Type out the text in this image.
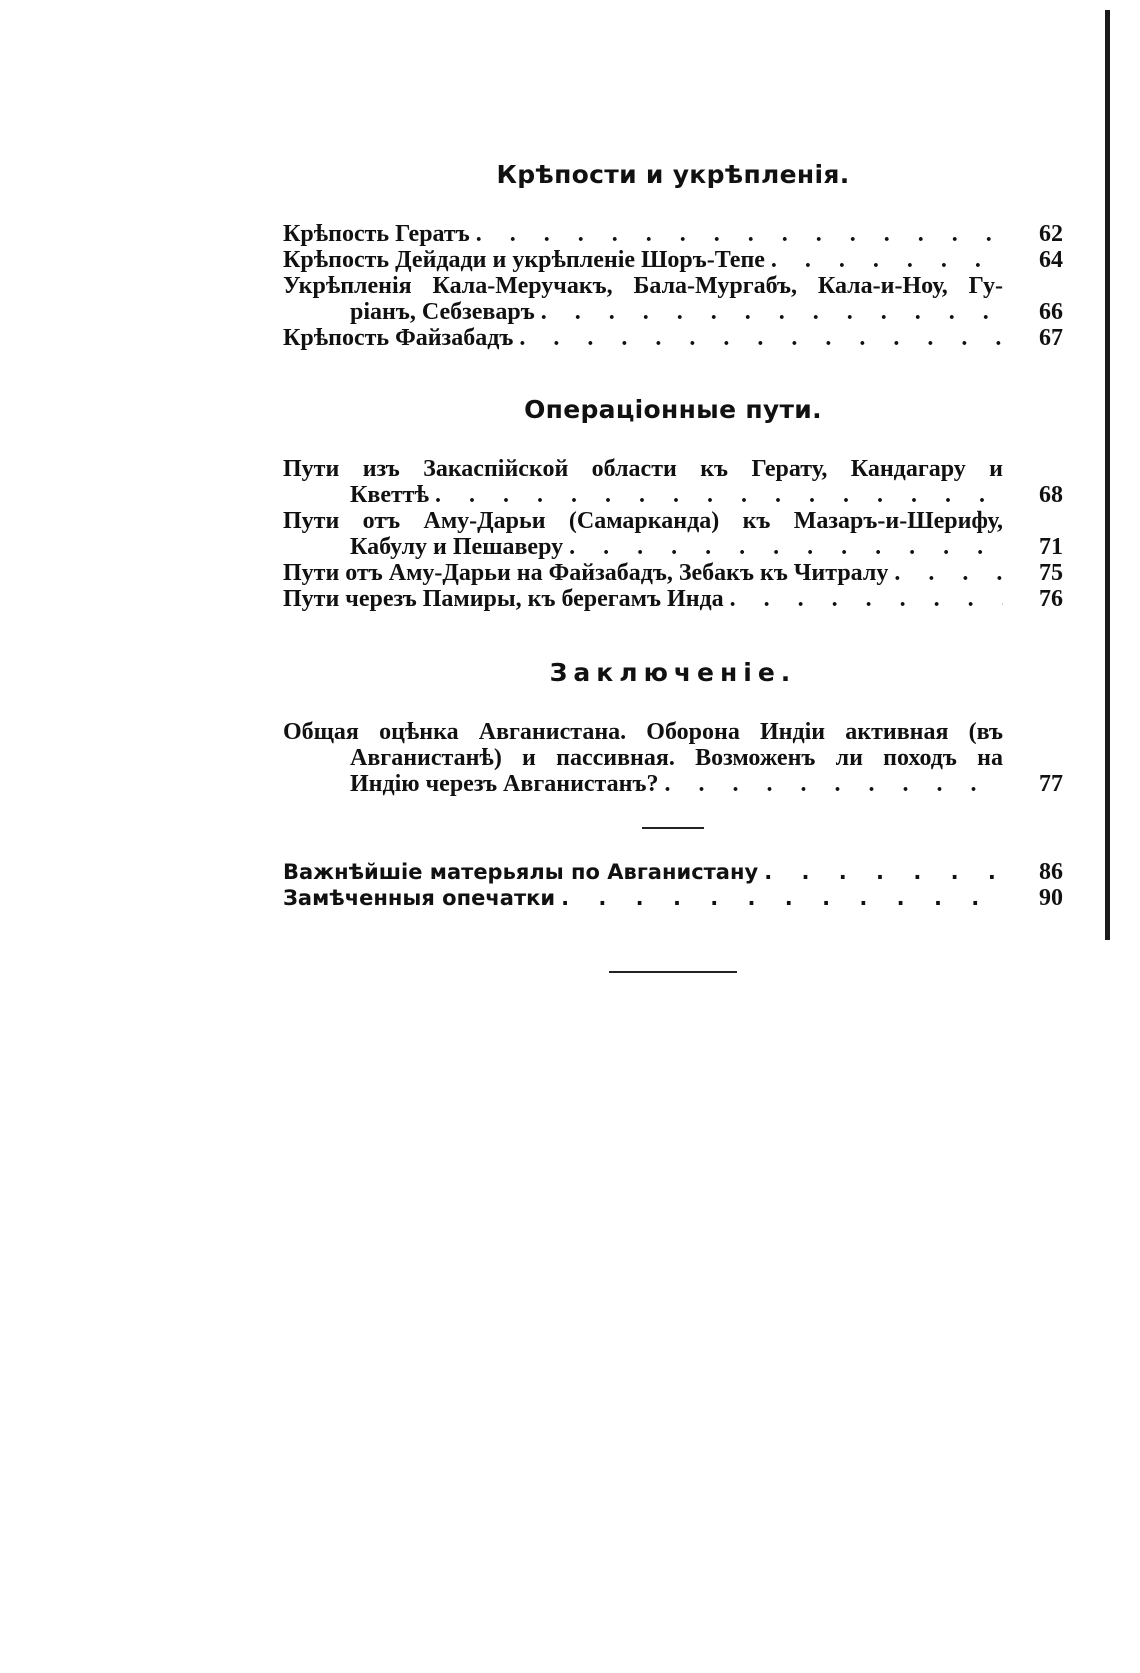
Крѣпости и укрѣпленія.
Крѣпость Гератъ . . .	62
Крѣпость Дейдади и укрѣпленіе Шоръ-Тепе . . .	64
Укрѣпленія Кала-Меручакъ, Бала-Мургабъ, Кала-и-Ноу, Гу-
ріанъ, Себзеваръ . . .	66
Крѣпость Файзабадъ . . .	67
Операціонные пути.
Пути изъ Закаспійской области къ Герату, Кандагару и
Кветтѣ . . .	68
Пути отъ Аму-Дарьи (Самарканда) къ Мазаръ-и-Шерифу,
Кабулу и Пешаверу . . .	71
Пути отъ Аму-Дарьи на Файзабадъ, Зебакъ къ Читралу . . .	75
Пути черезъ Памиры, къ берегамъ Инда . . .	76
Заключеніе.
Общая оцѣнка Авганистана. Оборона Индіи активная (въ
Авганистанѣ) и пассивная. Возможенъ ли походъ на
Индію черезъ Авганистанъ? . . .	77
Важнѣйшіе матерьялы по Авганистану . . .	86
Замѣченныя опечатки . . .	90
